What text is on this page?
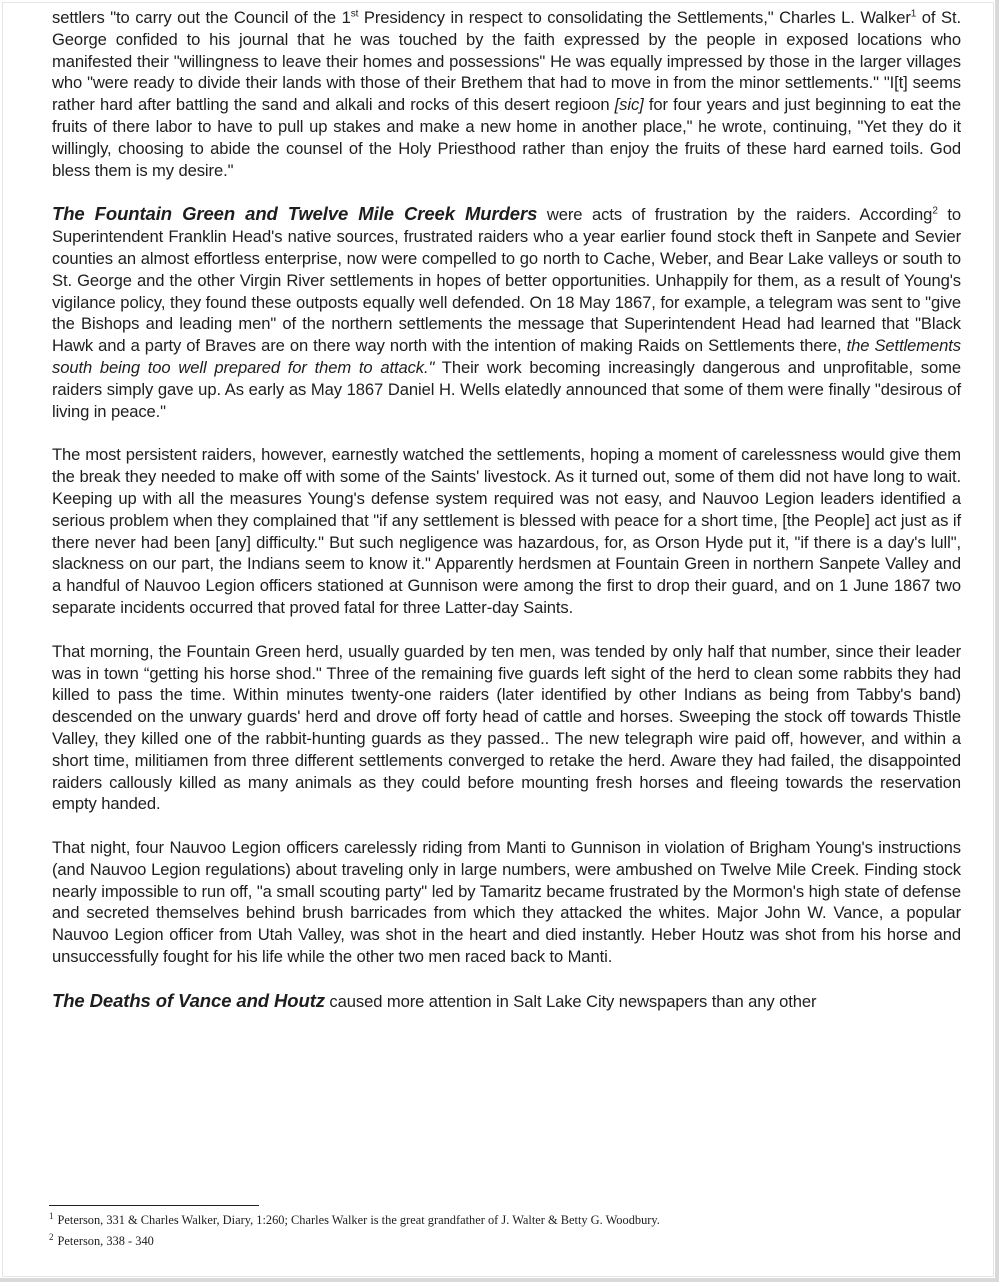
settlers "to carry out the Council of the 1st Presidency in respect to consolidating the Settlements," Charles L. Walker$^1$ of St. George confided to his journal that he was touched by the faith expressed by the people in exposed locations who manifested their "willingness to leave their homes and possessions" He was equally impressed by those in the larger villages who "were ready to divide their lands with those of their Brethem that had to move in from the minor settlements." "I[t] seems rather hard after battling the sand and alkali and rocks of this desert regioon [sic] for four years and just beginning to eat the fruits of there labor to have to pull up stakes and make a new home in another place," he wrote, continuing, "Yet they do it willingly, choosing to abide the counsel of the Holy Priesthood rather than enjoy the fruits of these hard earned toils. God bless them is my desire."

The Fountain Green and Twelve Mile Creek Murders were acts of frustration by the raiders. According$^2$ to Superintendent Franklin Head's native sources, frustrated raiders who a year earlier found stock theft in Sanpete and Sevier counties an almost effortless enterprise, now were compelled to go north to Cache, Weber, and Bear Lake valleys or south to St. George and the other Virgin River settlements in hopes of better opportunities. Unhappily for them, as a result of Young's vigilance policy, they found these outposts equally well defended. On 18 May 1867, for example, a telegram was sent to "give the Bishops and leading men" of the northern settlements the message that Superintendent Head had learned that "Black Hawk and a party of Braves are on there way north with the intention of making Raids on Settlements there, the Settlements south being too well prepared for them to attack." Their work becoming increasingly dangerous and unprofitable, some raiders simply gave up. As early as May 1867 Daniel H. Wells elatedly announced that some of them were finally "desirous of living in peace."

The most persistent raiders, however, earnestly watched the settlements, hoping a moment of carelessness would give them the break they needed to make off with some of the Saints' livestock. As it turned out, some of them did not have long to wait. Keeping up with all the measures Young's defense system required was not easy, and Nauvoo Legion leaders identified a serious problem when they complained that "if any settlement is blessed with peace for a short time, [the People] act just as if there never had been [any] difficulty." But such negligence was hazardous, for, as Orson Hyde put it, "if there is a day's lull", slackness on our part, the Indians seem to know it." Apparently herdsmen at Fountain Green in northern Sanpete Valley and a handful of Nauvoo Legion officers stationed at Gunnison were among the first to drop their guard, and on 1 June 1867 two separate incidents occurred that proved fatal for three Latter-day Saints.

That morning, the Fountain Green herd, usually guarded by ten men, was tended by only half that number, since their leader was in town “getting his horse shod." Three of the remaining five guards left sight of the herd to clean some rabbits they had killed to pass the time. Within minutes twenty-one raiders (later identified by other Indians as being from Tabby's band) descended on the unwary guards' herd and drove off forty head of cattle and horses. Sweeping the stock off towards Thistle Valley, they killed one of the rabbit-hunting guards as they passed.. The new telegraph wire paid off, however, and within a short time, militiamen from three different settlements converged to retake the herd. Aware they had failed, the disappointed raiders callously killed as many animals as they could before mounting fresh horses and fleeing towards the reservation empty handed.

That night, four Nauvoo Legion officers carelessly riding from Manti to Gunnison in violation of Brigham Young's instructions (and Nauvoo Legion regulations) about traveling only in large numbers, were ambushed on Twelve Mile Creek. Finding stock nearly impossible to run off, "a small scouting party" led by Tamaritz became frustrated by the Mormon's high state of defense and secreted themselves behind brush barricades from which they attacked the whites. Major John W. Vance, a popular Nauvoo Legion officer from Utah Valley, was shot in the heart and died instantly. Heber Houtz was shot from his horse and unsuccessfully fought for his life while the other two men raced back to Manti.

The Deaths of Vance and Houtz caused more attention in Salt Lake City newspapers than any other

$^1$ Peterson, 331 & Charles Walker, Diary, 1:260; Charles Walker is the great grandfather of J. Walter & Betty G. Woodbury.
$^2$ Peterson, 338 - 340
